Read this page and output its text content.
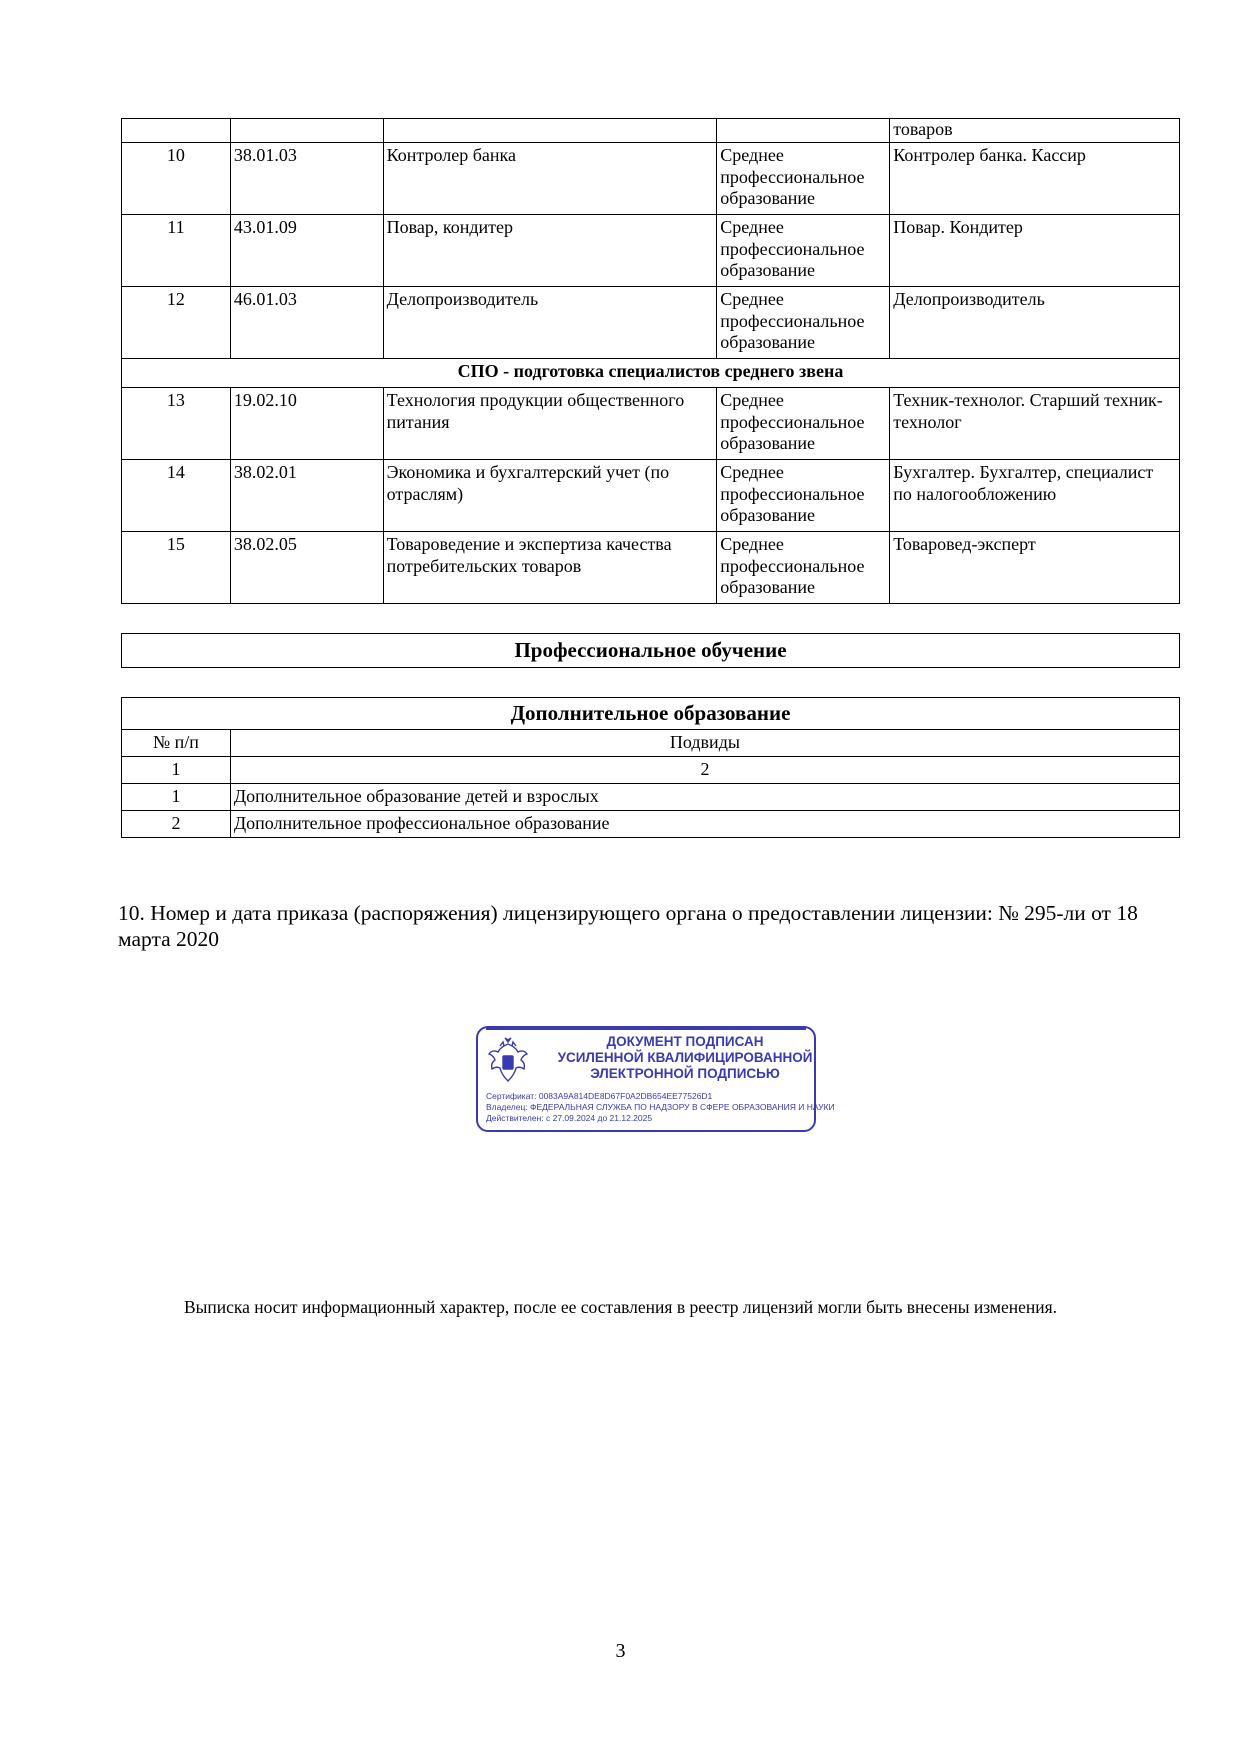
				товаров
10	38.01.03	Контролер банка	Среднее профессиональное образование	Контролер банка. Кассир
11	43.01.09	Повар, кондитер	Среднее профессиональное образование	Повар. Кондитер
12	46.01.03	Делопроизводитель	Среднее профессиональное образование	Делопроизводитель
СПО - подготовка специалистов среднего звена				
13	19.02.10	Технология продукции общественного питания	Среднее профессиональное образование	Техник-технолог. Старший техник-технолог
14	38.02.01	Экономика и бухгалтерский учет (по отраслям)	Среднее профессиональное образование	Бухгалтер. Бухгалтер, специалист по налогообложению
15	38.02.05	Товароведение и экспертиза качества потребительских товаров	Среднее профессиональное образование	Товаровед-эксперт
Профессиональное обучение
Дополнительное образование	
№ п/п	Подвиды
1	2
1	Дополнительное образование детей и взрослых
2	Дополнительное профессиональное образование
10. Номер и дата приказа (распоряжения) лицензирующего органа о предоставлении лицензии: № 295-ли от 18 марта 2020
ДОКУМЕНТ ПОДПИСАН
УСИЛЕННОЙ КВАЛИФИЦИРОВАННОЙ
ЭЛЕКТРОННОЙ ПОДПИСЬЮ
Сертификат: 0083A9A814DE8D67F0A2DB654EE77526D1
Владелец: ФЕДЕРАЛЬНАЯ СЛУЖБА ПО НАДЗОРУ В СФЕРЕ ОБРАЗОВАНИЯ И НАУКИ
Действителен: с 27.09.2024 до 21.12.2025
Выписка носит информационный характер, после ее составления в реестр лицензий могли быть внесены изменения.
3
